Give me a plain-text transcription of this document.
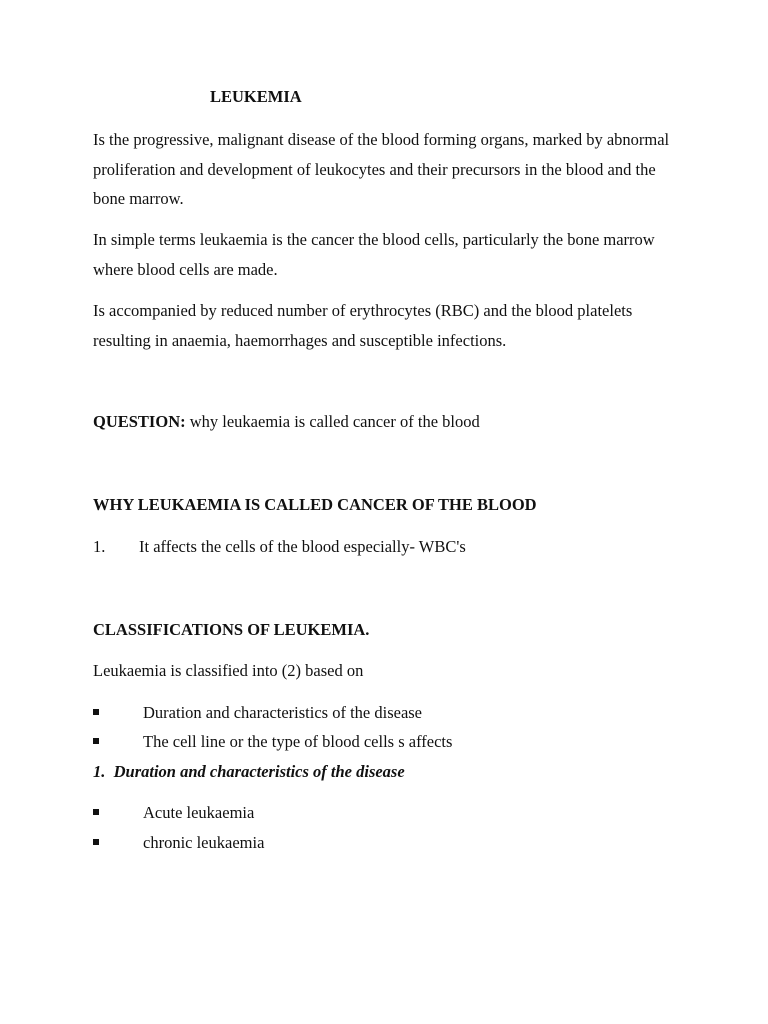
LEUKEMIA
Is the progressive, malignant disease of the blood forming organs, marked by abnormal proliferation and development of leukocytes and their precursors in the blood and the bone marrow.
In simple terms leukaemia is the cancer the blood cells, particularly the bone marrow where blood cells are made.
Is accompanied by reduced number of erythrocytes (RBC) and the blood platelets resulting in anaemia, haemorrhages and susceptible infections.
QUESTION: why leukaemia is called cancer of the blood
WHY LEUKAEMIA IS CALLED CANCER OF THE BLOOD
1. It affects the cells of the blood especially- WBC's
CLASSIFICATIONS OF LEUKEMIA.
Leukaemia is classified into (2) based on
Duration and characteristics of the disease
The cell line or the type of blood cells s affects
1. Duration and characteristics of the disease
Acute leukaemia
chronic leukaemia
